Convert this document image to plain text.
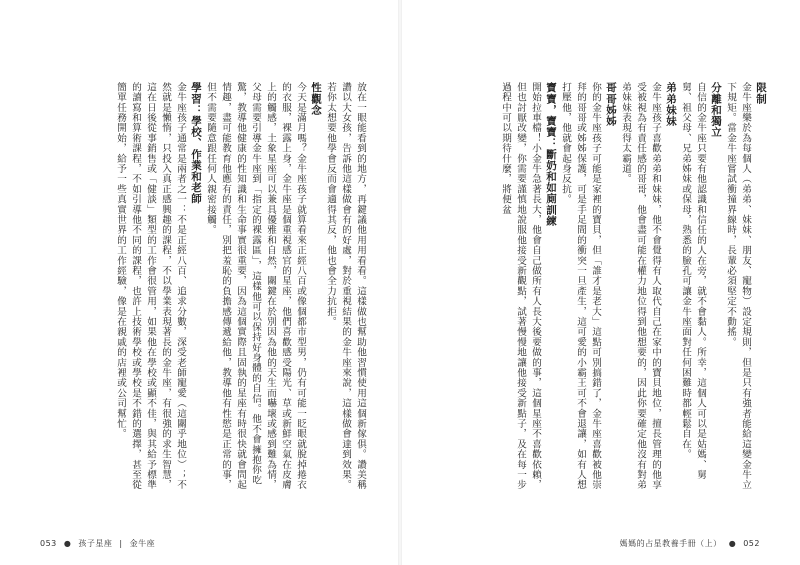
放在一眼能看到的地方，再鍵議他用用看看。這樣做也幫助他習慣使用這個新傢俱。讚美稱讚以大女孩，告訴他這樣做會有的好處，對於重視結果的金牛座來說，這樣做會達到效果。若你太想要他學會反而會適得其反，他也會全力抗拒。
性觀念
今天是滿月嗎？金牛座孩子就算看來正經八百或像個都市型男，仍有可能一眨眼就脫掉捲衣的衣服，裸露上身，金牛座是個重視感官的星座，他們喜歡感受陽光、草或新鮮空氣在皮膚上的觸感，土象星座可以兼具優雅和自然，關鍵在於別因為他的天生而嚇壞或感到難為情，父母需要引導金牛座到「指定的裸露區」，這樣他可以保持好身體的自信。他不會擁抱你吃驚，教導他健康的性知識和生命事實很重要，因為這個實際且固執的星座有時很快就會問起情趣，盡可能教育他應有的責任，別把羞恥的負擔感傳遞給他，教導他有性慾是正常的事，但不需要隨意跟任何人親密接觸。
學習：學校、作業和老師
金牛座孩子通常是兩者之一：不是正經八百、追求分數，深受老師寵愛（這關乎地位）；不然就是懶惰，只投入真正感興趣的課程，不以學業表現著長的金牛座，有很強的求生智慧，這在日後從事銷售或「健談」類型的工作會很管用，如果他在學校或顯不佳，與其給予標準的讀寫和算術課程，不如引導他不同的課程，也許上技術學校或學校是不錯的選擇，甚至從簡單任務開始，給予一些真實世界的工作經驗，像是在親戚的店裡或公司幫忙。
053 ● 孩子星座 | 金牛座
限制
金牛座樂於為每個人（弟弟、妹妹、朋友、寵物）設定規則，但是只有強者能給這變金牛立下規矩。當金牛座嘗試衝撞界線時，長輩必須堅定不動搖。
分離和獨立
自信的金牛座只要有他認識和信任的人在旁，就不會黏人。所幸，這個人可以是姑媽、舅舅、祖父母、兄弟姊妹或保母，熟悉的臉孔可讓金牛座面對任何困難時都輕鬆自在。
弟弟妹妹
金牛座孩子喜歡弟弟和妹妹，他不會覺得有人取代自己在家中的寶貝地位，擅長管理的他享受被視為有責任感的哥哥，他會盡可能在權力地位得到他想要的，因此你要確定他沒有對弟弟妹妹表現得太霸道。
哥哥姊姊
你的金牛座孩子可能是家裡的寶貝，但「誰才是老大」這點可別搞錯了，金牛座喜歡被他崇拜的哥哥或姊姊保護，可是手足間的衝突一旦產生，這可愛的小霸王可不會退讓，如有人想打壓他，他就會起身反抗。
寶寶，寶寶：斷奶和如廁訓練
開始拉車檔！小金牛急著長大，他會自己做所有人長大後要做的事，這個星座不喜歡依賴，但也討厭改變，你需要謹慎地說服他接受新觀點，試著慢慢地讓他接受新點子，及在每一步過程中可以期待什麼，將便盆
媽媽的占星教養手冊（上） ● 052
